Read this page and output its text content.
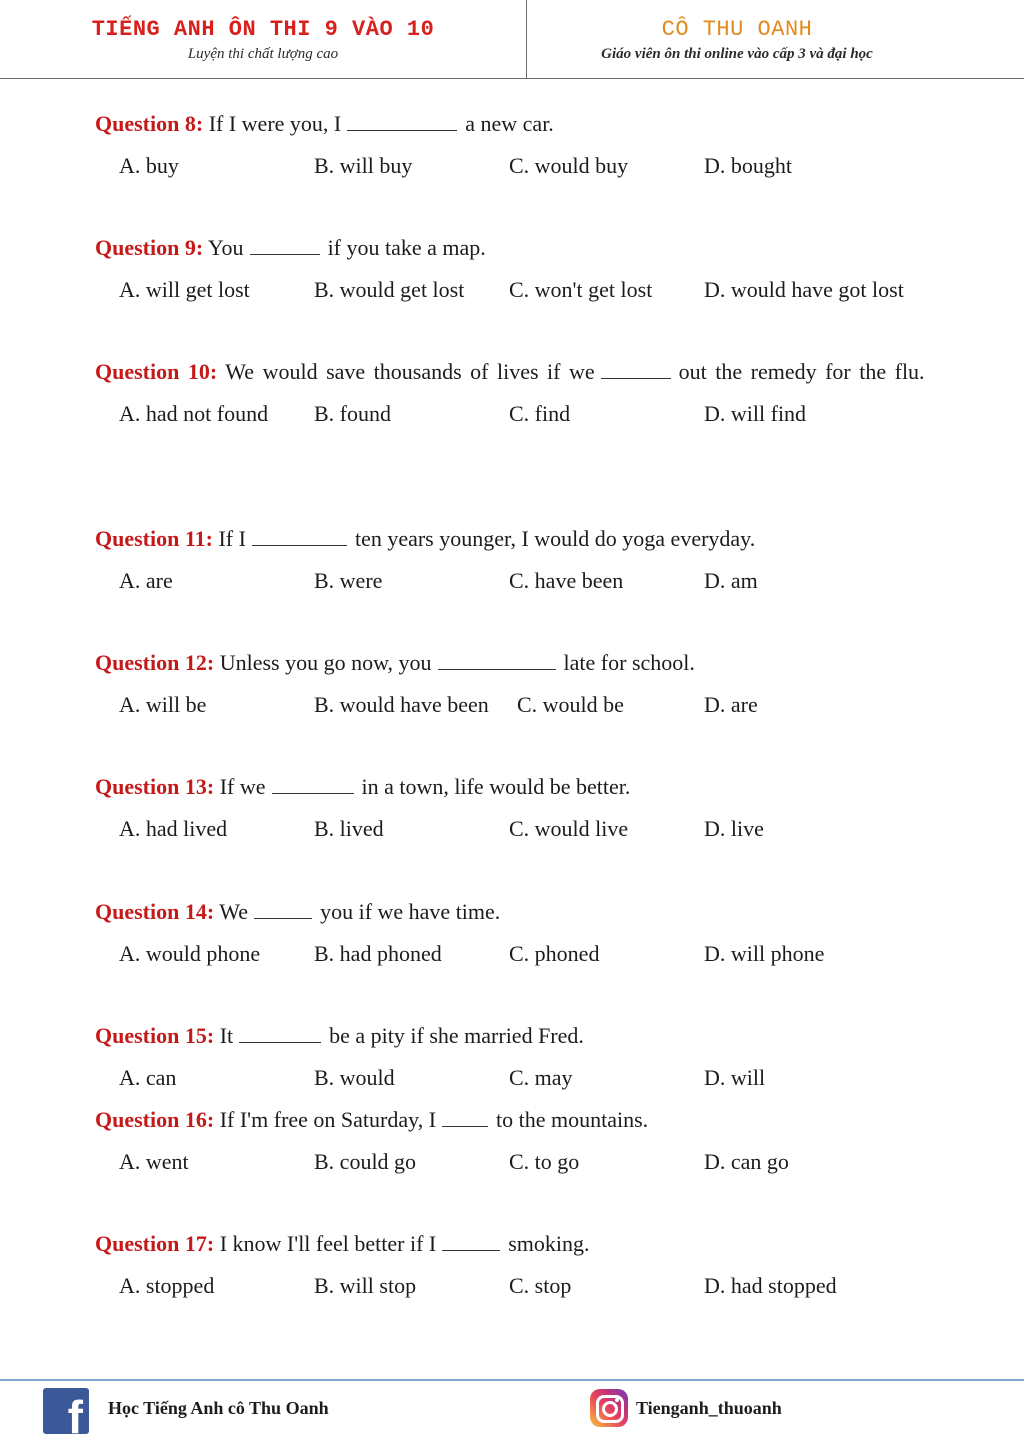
TIẾNG ANH ÔN THI 9 VÀO 10
Luyện thi chất lượng cao
CÔ THU OANH
Giáo viên ôn thi online vào cấp 3 và đại học
Question 8: If I were you, I	a new car.
A. buy	B. will buy	C. would buy	D. bought
Question 9: You	if you take a map.
A. will get lost	B. would get lost C. won't get lost D. would have got lost
Question 10: We would save thousands of lives if we	out the remedy for the flu.
A. had not found B. found	C. find	D. will find
Question 11: If I	ten years younger, I would do yoga everyday.
A. are	B. were	C. have been	D. am
Question 12: Unless you go now, you	late for school.
A. will be	B. would have been C. would be	D. are
Question 13: If we	in a town, life would be better.
A. had lived	B. lived	C. would live	D. live
Question 14: We	you if we have time.
A. would phone B. had phoned	C. phoned	D. will phone
Question 15: It	be a pity if she married Fred.
A. can	B. would	C. may	D. will
Question 16: If I'm free on Saturday, I	to the mountains.
A. went	B. could go	C. to go	D. can go
Question 17: I know I'll feel better if I	smoking.
A. stopped	B. will stop	C. stop	D. had stopped
f Học Tiếng Anh cô Thu Oanh	Tienganh_thuoanh
